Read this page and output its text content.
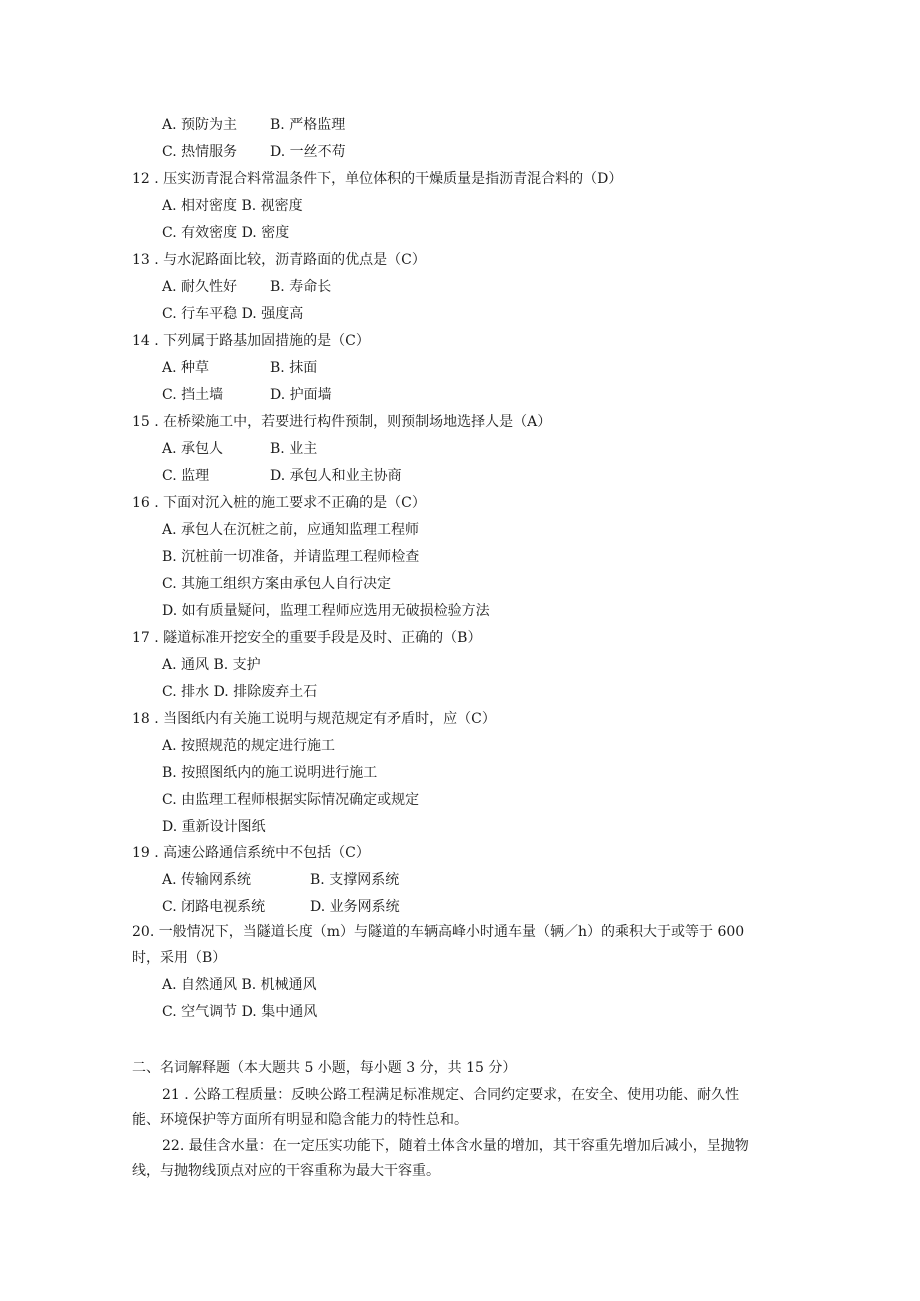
A. 预防为主 B. 严格监理
C. 热情服务 D. 一丝不苟
12 . 压实沥青混合料常温条件下，单位体积的干燥质量是指沥青混合料的（D）
A. 相对密度 B. 视密度
C. 有效密度 D. 密度
13 . 与水泥路面比较，沥青路面的优点是（C）
A. 耐久性好 B. 寿命长
C. 行车平稳 D. 强度高
14 . 下列属于路基加固措施的是（C）
A. 种草	B. 抹面
C. 挡土墙	D. 护面墙
15 . 在桥梁施工中，若要进行构件预制，则预制场地选择人是（A）
A. 承包人	B. 业主
C. 监理	D. 承包人和业主协商
16 . 下面对沉入桩的施工要求不正确的是（C）
A. 承包人在沉桩之前，应通知监理工程师
B. 沉桩前一切准备，并请监理工程师检查
C. 其施工组织方案由承包人自行决定
D. 如有质量疑问，监理工程师应选用无破损检验方法
17 . 隧道标准开挖安全的重要手段是及时、正确的（B）
A. 通风 B. 支护
C. 排水 D. 排除废弃土石
18 . 当图纸内有关施工说明与规范规定有矛盾时，应（C）
A. 按照规范的规定进行施工
B. 按照图纸内的施工说明进行施工
C. 由监理工程师根据实际情况确定或规定
D. 重新设计图纸
19 . 高速公路通信系统中不包括（C）
A. 传输网系统	B. 支撑网系统
C. 闭路电视系统	D. 业务网系统
20. 一般情况下，当隧道长度（m）与隧道的车辆高峰小时通车量（辆／h）的乘积大于或等于 600
时，采用（B）
A. 自然通风 B. 机械通风
C. 空气调节 D. 集中通风
二、名词解释题（本大题共 5 小题，每小题 3 分，共 15 分）
21 . 公路工程质量：反映公路工程满足标准规定、合同约定要求，在安全、使用功能、耐久性
能、环境保护等方面所有明显和隐含能力的特性总和。
22. 最佳含水量：在一定压实功能下，随着土体含水量的增加，其干容重先增加后减小，呈抛物
线，与抛物线顶点对应的干容重称为最大干容重。
